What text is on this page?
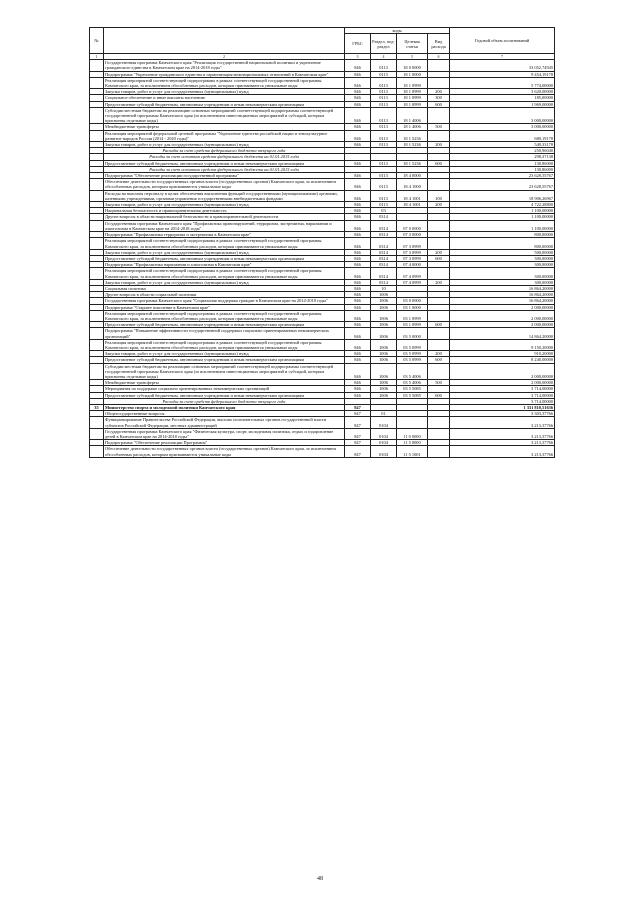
№		коды				Годовой объем ассигнований
		ГРБС	Раздел, под-раздел	Целевая статья	Вид расхода	
1	2	3	4	5	6	7
	Государственная программа Камчатского края "Реализация государственной национальной политики и укрепление гражданского единства в Камчатском крае на 2014-2018 годы"	846	0113	18 0 0000		33 052,74945
	Подпрограмма "Укрепление гражданского единства и гармонизация межнациональных отношений в Камчатском крае"	846	0113	18 1 0000		9 454,19178
	Реализация мероприятий соответствующей подпрограммы в рамках соответствующей государственной программы Камчатского края, за исключением обособленных расходов, которым присваиваются уникальные коды	846	0113	18 1 0999		5 774,00000
	Закупка товаров, работ и услуг для государственных (муниципальных) нужд	846	0113	18 1 0999	200	3 620,00000
	Социальное обеспечение и иные выплаты населению	846	0113	18 1 0999	300	185,00000
	Предоставление субсидий бюджетным, автономным учреждениям и иным некоммерческим организациям	846	0113	18 1 0999	600	1 969,00000
	Субсидии местным бюджетам на реализацию основных мероприятий соответствующей подпрограммы соответствующей государственной программы Камчатского края (за исключением инвестиционных мероприятий и субсидий, которым присвоены отдельные коды)	846	0113	18 1 4006		3 000,00000
	Межбюджетные трансферты	846	0113	18 1 4006	500	3 000,00000
	Реализация мероприятий федеральной целевой программы "Укрепление единства российской нации и этнокультурное развитие народов России (2014 - 2020 годы)"	846	0113	18 1 5236		680,19178
	Закупка товаров, работ и услуг для государственных (муниципальных) нужд	846	0113	18 1 5236	200	549,33178
	Расходы за счет средств федерального бюджета текущего года					250,96040
	Расходы за счет остатков средств федерального бюджета на 01.01.2015 года					298,37138
	Предоставление субсидий бюджетным, автономным учреждениям и иным некоммерческим организациям	846	0113	18 1 5236	600	130,86000
	Расходы за счет остатков средств федерального бюджета на 01.01.2015 года					130,86000
	Подпрограмма "Обеспечение реализации государственной программы"	846	0113	18 4 0000		23 628,55767
	Обеспечение деятельности государственных органов власти (государственных органов) Камчатского края, за исключением обособленных расходов, которым присваиваются уникальные коды	846	0113	18 4 1000		23 628,55767
	Расходы на выплаты персоналу в целях обеспечения выполнения функций государственными (муниципальными) органами, казенными учреждениями, органами управления государственными внебюджетными фондами	846	0113	18 4 1001	100	18 906,26967
	Закупка товаров, работ и услуг для государственных (муниципальных) нужд	846	0113	18 4 1001	200	4 722,28800
	Национальная безопасность и правоохранительная деятельность	846	03			1 100,00000
	Другие вопросы в области национальной безопасности и правоохранительной деятельности	846	0314			1 100,00000
	Государственная программа Камчатского края "Профилактика правонарушений, терроризма, экстремизма, наркомании и алкоголизма в Камчатском крае на 2014-2018 годы"	846	0314	07 0 0000		1 100,00000
	Подпрограмма "Профилактика терроризма и экстремизма в Камчатском крае"	846	0314	07 3 0000		800,00000
	Реализация мероприятий соответствующей подпрограммы в рамках соответствующей государственной программы Камчатского края, за исключением обособленных расходов, которым присваиваются уникальные коды	846	0314	07 3 0999		800,00000
	Закупка товаров, работ и услуг для государственных (муниципальных) нужд	846	0314	07 3 0999	200	500,00000
	Предоставление субсидий бюджетным, автономным учреждениям и иным некоммерческим организациям	846	0314	07 3 0999	600	300,00000
	Подпрограмма "Профилактика наркомании и алкоголизма в Камчатском крае"	846	0314	07 4 0000		300,00000
	Реализация мероприятий соответствующей подпрограммы в рамках соответствующей государственной программы Камчатского края, за исключением обособленных расходов, которым присваиваются уникальные коды	846	0314	07 4 0999		300,00000
	Закупка товаров, работ и услуг для государственных (муниципальных) нужд	846	0314	07 4 0999	200	300,00000
	Социальная политика	846	10			16 864,20000
	Другие вопросы в области социальной политики	846	1006			16 864,20000
	Государственная программа Камчатского края "Социальная поддержка граждан в Камчатском крае на 2014-2018 годы"	846	1006	03 0 0000		16 864,20000
	Подпрограмма "Старшее поколение в Камчатском крае"	846	1006	03 1 0000		2 000,00000
	Реализация мероприятий соответствующей подпрограммы в рамках соответствующей государственной программы Камчатского края, за исключением обособленных расходов, которым присваиваются уникальные коды	846	1006	03 1 0999		2 000,00000
	Предоставление субсидий бюджетным, автономным учреждениям и иным некоммерческим организациям	846	1006	03 1 0999	600	2 000,00000
	Подпрограмма "Повышение эффективности государственной поддержки социально ориентированных некоммерческих организаций"	846	1006	03 5 0000		14 864,20000
	Реализация мероприятий соответствующей подпрограммы в рамках соответствующей государственной программы Камчатского края, за исключением обособленных расходов, которым присваиваются уникальные коды	846	1006	03 5 0999		9 150,20000
	Закупка товаров, работ и услуг для государственных (муниципальных) нужд	846	1006	03 5 0999	200	910,20000
	Предоставление субсидий бюджетным, автономным учреждениям и иным некоммерческим организациям	846	1006	03 5 0999	600	8 240,00000
	Субсидии местным бюджетам на реализацию основных мероприятий соответствующей подпрограммы соответствующей государственной программы Камчатского края (за исключением инвестиционных мероприятий и субсидий, которым присвоены отдельные коды)	846	1006	03 5 4006		2 000,00000
	Межбюджетные трансферты	846	1006	03 5 4006	500	2 000,00000
	Мероприятия по поддержке социально ориентированных некоммерческих организаций	846	1006	03 5 5085		3 714,00000
	Предоставление субсидий бюджетным, автономным учреждениям и иным некоммерческим организациям	846	1006	03 5 5085	600	3 714,00000
	Расходы за счет средств федерального бюджета текущего года					3 714,00000
35	Министерство спорта и молодежной политики Камчатского края	847				1 331 810,51636
	Общегосударственные вопросы	847	01			3 303,37766
	Функционирование Правительства Российской Федерации, высших исполнительных органов государственной власти субъектов Российской Федерации, местных администраций	847	0104			3 213,37766
	Государственная программа Камчатского края "Физическая культура, спорт, молодежная политика, отдых и оздоровление детей в Камчатском крае на 2014-2018 годы"	847	0104	11 0 0000		3 213,37766
	Подпрограмма "Обеспечение реализации Программы"	847	0104	11 5 0000		3 213,37766
	Обеспечение деятельности государственных органов власти (государственных органов) Камчатского края, за исключением обособленных расходов, которым присваиваются уникальные коды	847	0104	11 5 1001		3 213,37766
48
